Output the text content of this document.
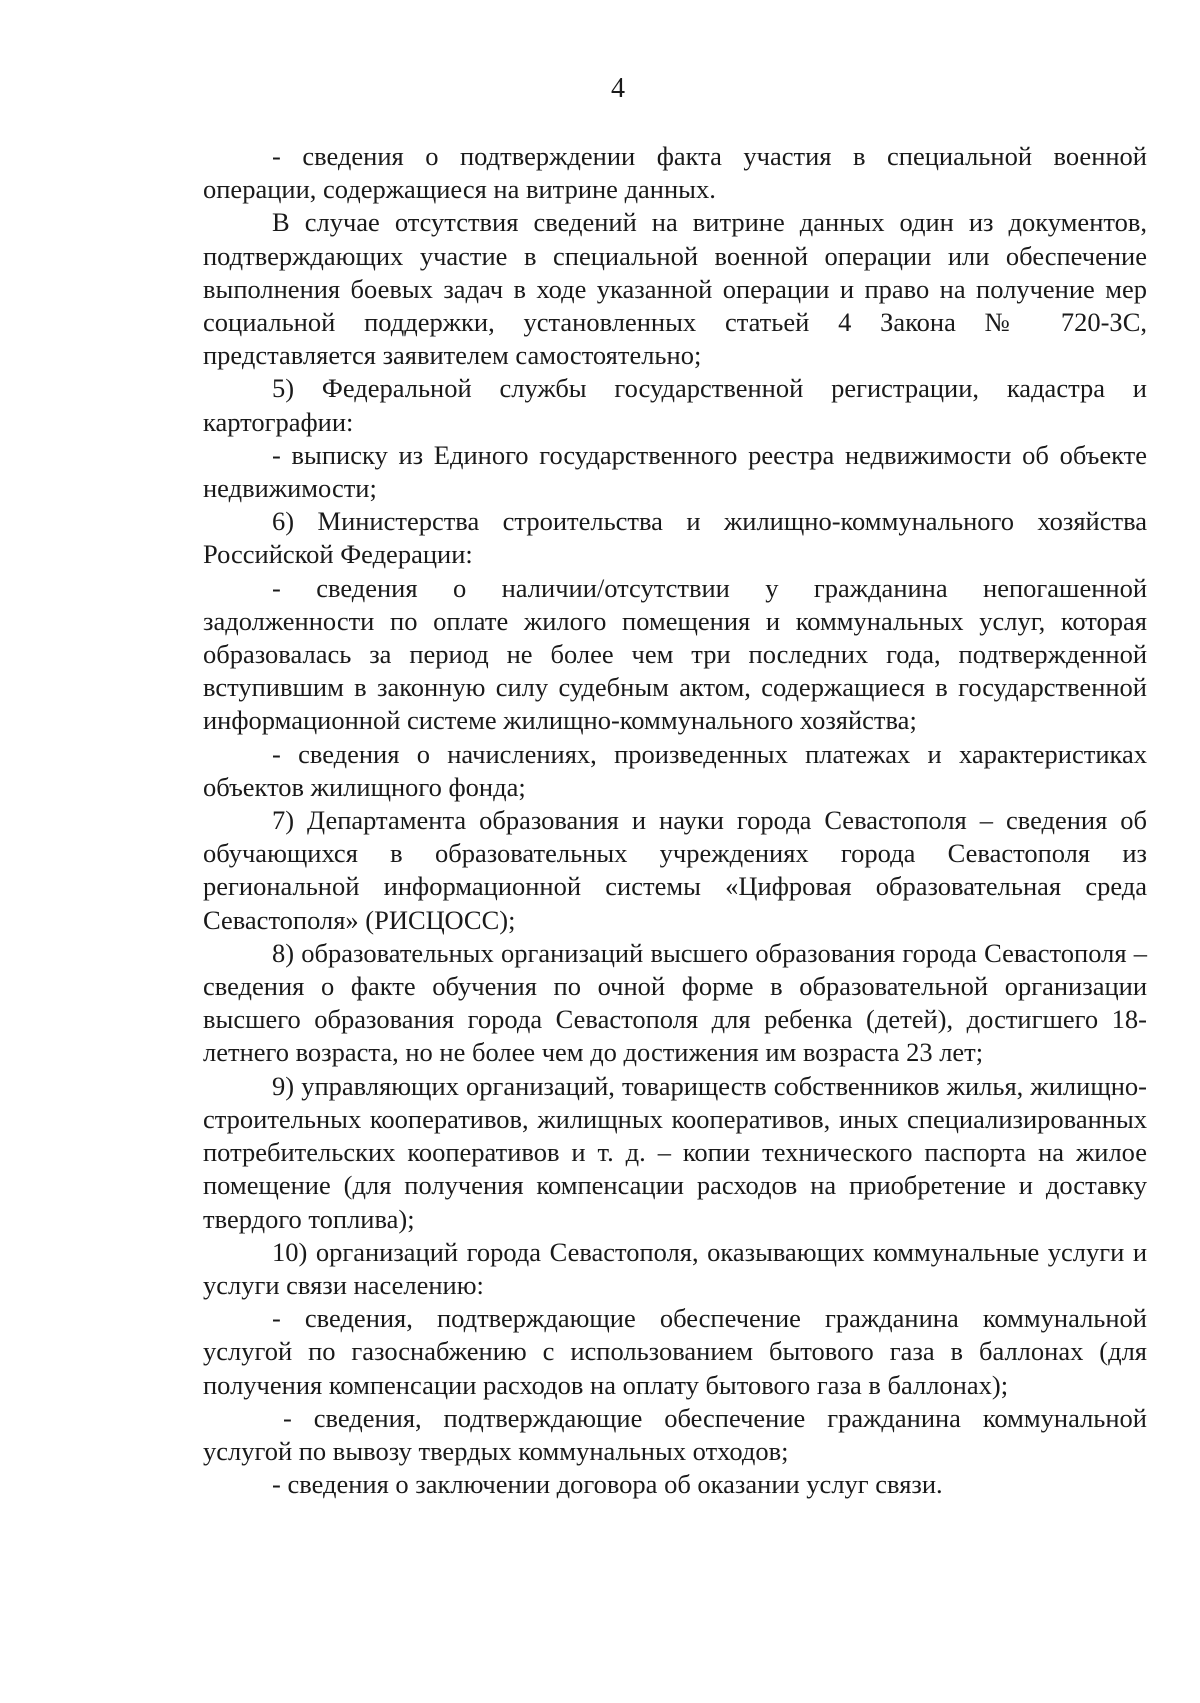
4

- сведения о подтверждении факта участия в специальной военной операции, содержащиеся на витрине данных.

В случае отсутствия сведений на витрине данных один из документов, подтверждающих участие в специальной военной операции или обеспечение выполнения боевых задач в ходе указанной операции и право на получение мер социальной поддержки, установленных статьей 4 Закона № 720-ЗС, представляется заявителем самостоятельно;

5) Федеральной службы государственной регистрации, кадастра и картографии:

- выписку из Единого государственного реестра недвижимости об объекте недвижимости;

6) Министерства строительства и жилищно-коммунального хозяйства Российской Федерации:

- сведения о наличии/отсутствии у гражданина непогашенной задолженности по оплате жилого помещения и коммунальных услуг, которая образовалась за период не более чем три последних года, подтвержденной вступившим в законную силу судебным актом, содержащиеся в государственной информационной системе жилищно-коммунального хозяйства;

- сведения о начислениях, произведенных платежах и характеристиках объектов жилищного фонда;

7) Департамента образования и науки города Севастополя – сведения об обучающихся в образовательных учреждениях города Севастополя из региональной информационной системы «Цифровая образовательная среда Севастополя» (РИСЦОСС);

8) образовательных организаций высшего образования города Севастополя – сведения о факте обучения по очной форме в образовательной организации высшего образования города Севастополя для ребенка (детей), достигшего 18-летнего возраста, но не более чем до достижения им возраста 23 лет;

9) управляющих организаций, товариществ собственников жилья, жилищно-строительных кооперативов, жилищных кооперативов, иных специализированных потребительских кооперативов и т. д. – копии технического паспорта на жилое помещение (для получения компенсации расходов на приобретение и доставку твердого топлива);

10) организаций города Севастополя, оказывающих коммунальные услуги и услуги связи населению:

- сведения, подтверждающие обеспечение гражданина коммунальной услугой по газоснабжению с использованием бытового газа в баллонах (для получения компенсации расходов на оплату бытового газа в баллонах);

- сведения, подтверждающие обеспечение гражданина коммунальной услугой по вывозу твердых коммунальных отходов;

- сведения о заключении договора об оказании услуг связи.
